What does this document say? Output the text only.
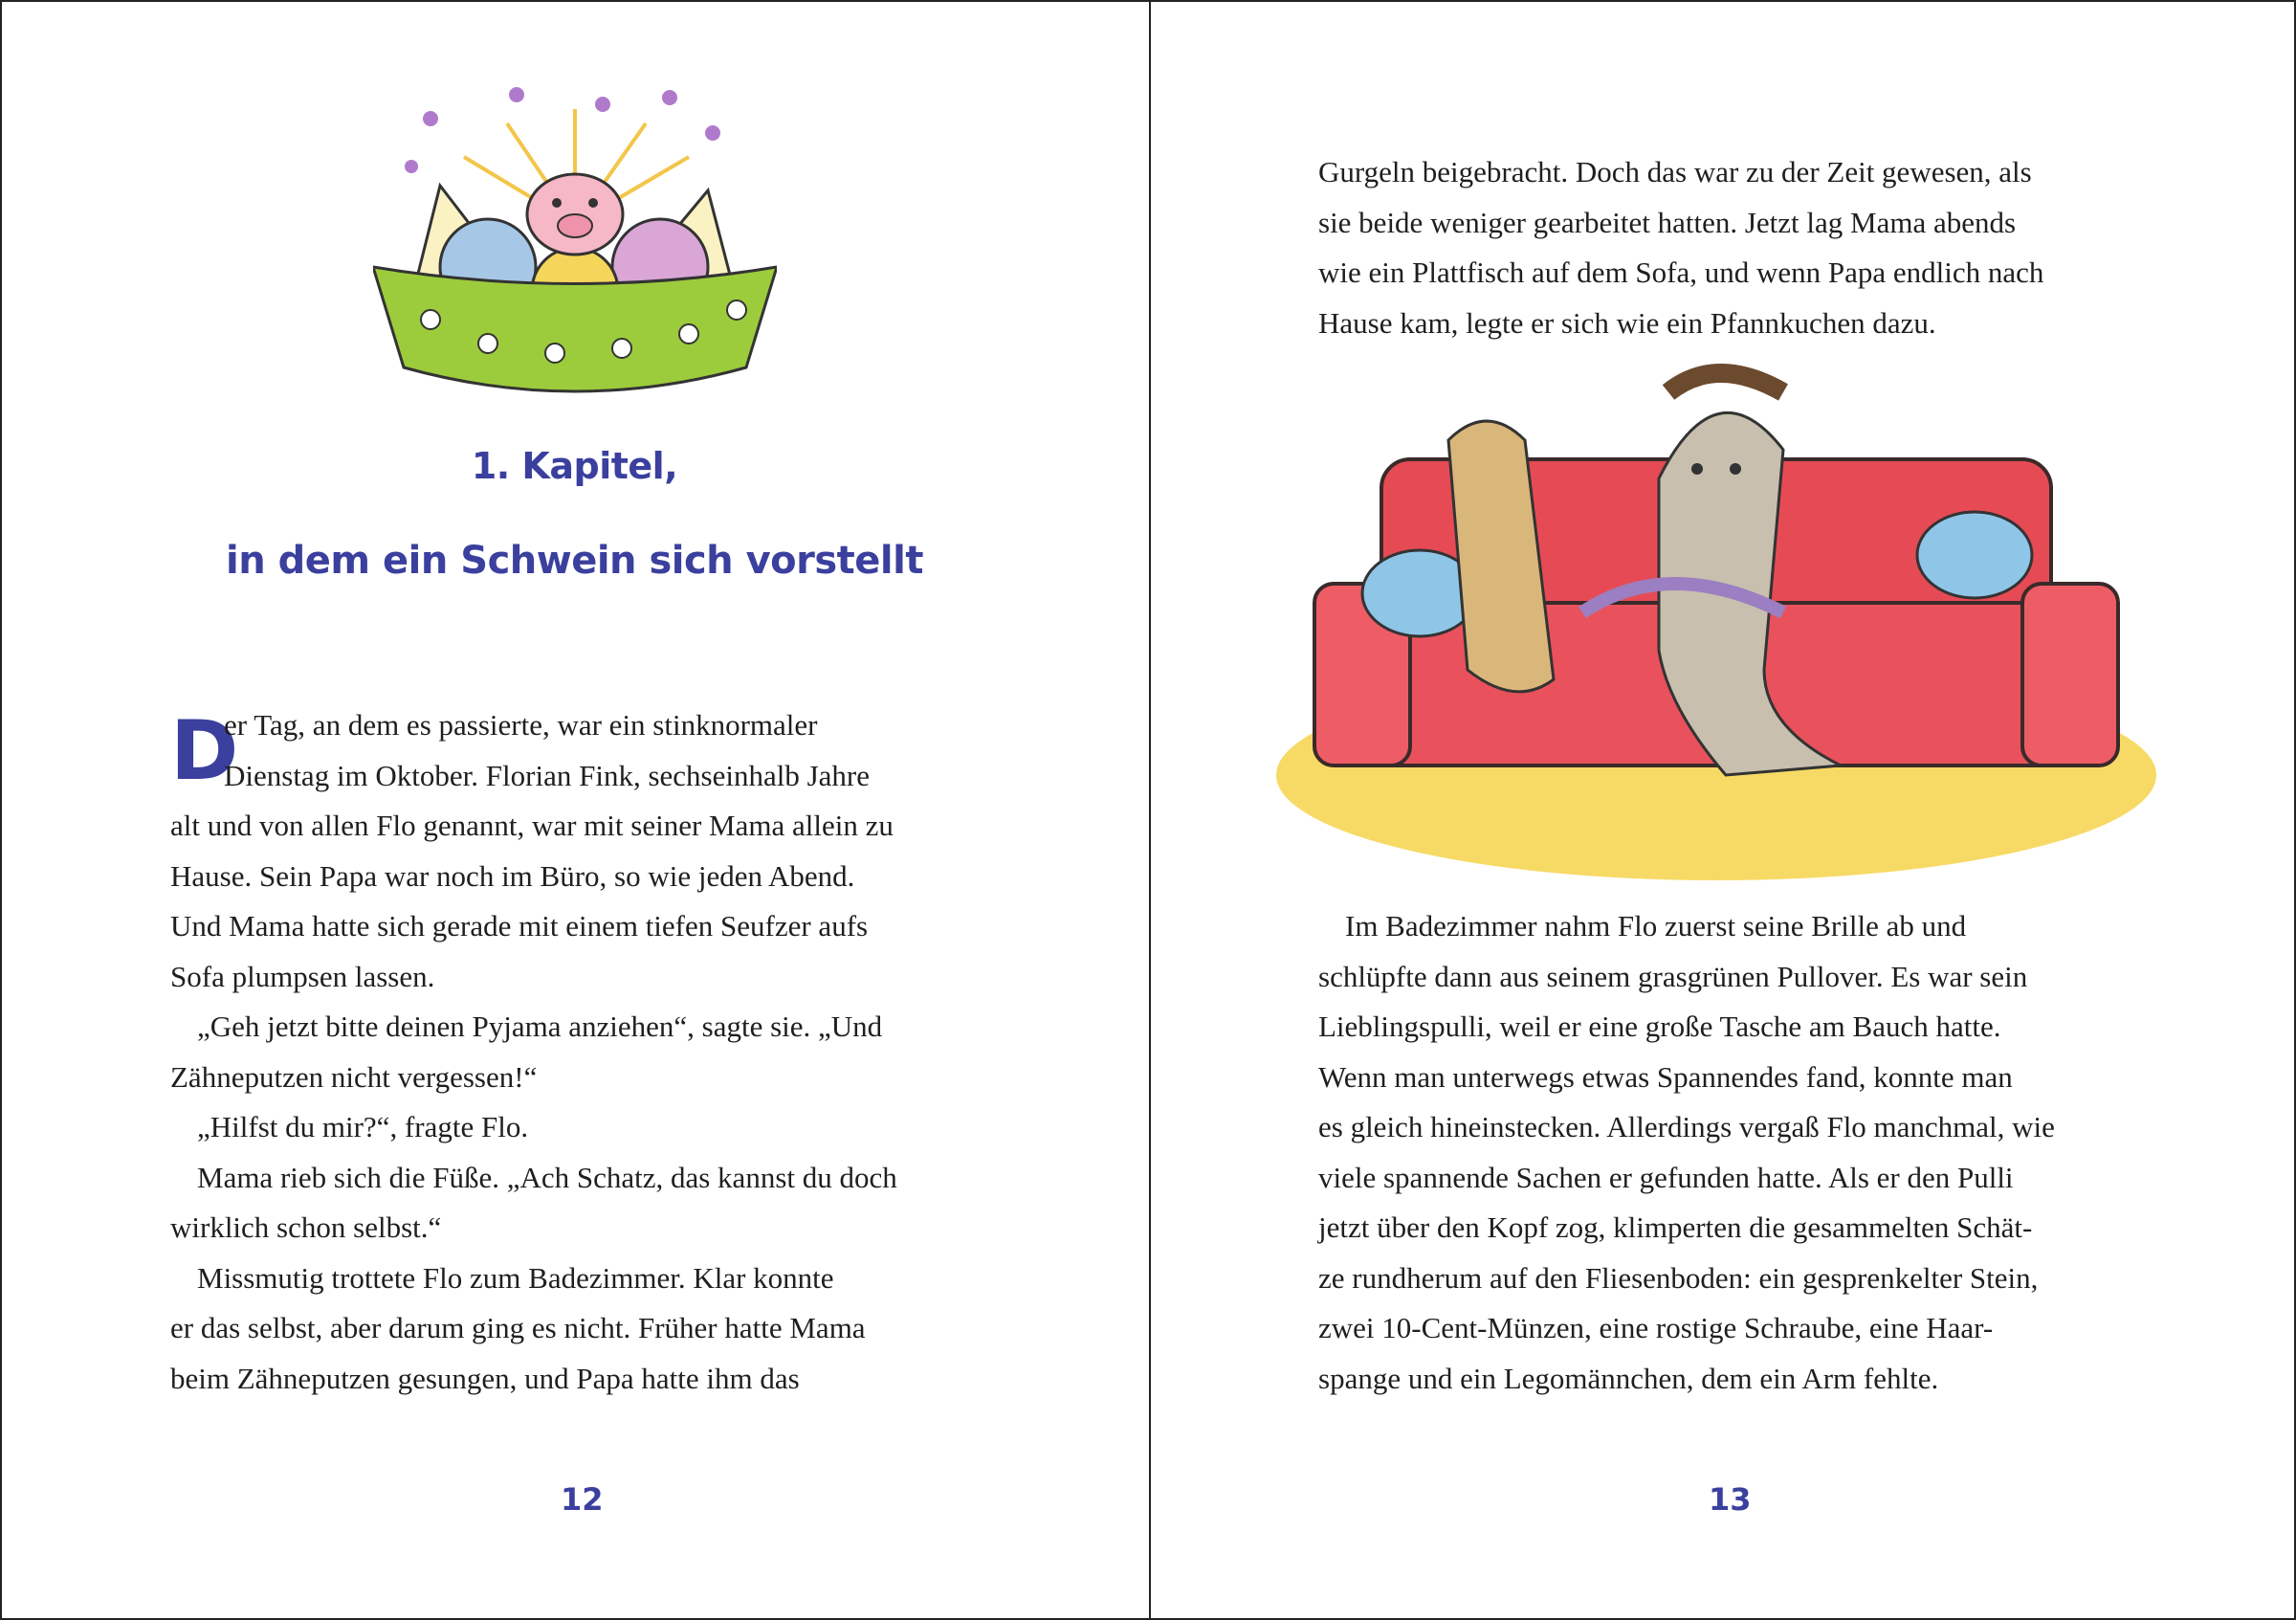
1. Kapitel,
in dem ein Schwein sich vorstellt
D
er Tag, an dem es passierte, war ein stinknormaler
Dienstag im Oktober. Florian Fink, sechseinhalb Jahre
alt und von allen Flo genannt, war mit seiner Mama allein zu
Hause. Sein Papa war noch im Büro, so wie jeden Abend.
Und Mama hatte sich gerade mit einem tiefen Seufzer aufs
Sofa plumpsen lassen.
„Geh jetzt bitte deinen Pyjama anziehen“, sagte sie. „Und
Zähneputzen nicht vergessen!“
„Hilfst du mir?“, fragte Flo.
Mama rieb sich die Füße. „Ach Schatz, das kannst du doch
wirklich schon selbst.“
Missmutig trottete Flo zum Badezimmer. Klar konnte
er das selbst, aber darum ging es nicht. Früher hatte Mama
beim Zähneputzen gesungen, und Papa hatte ihm das
12
Gurgeln beigebracht. Doch das war zu der Zeit gewesen, als
sie beide weniger gearbeitet hatten. Jetzt lag Mama abends
wie ein Plattfisch auf dem Sofa, und wenn Papa endlich nach
Hause kam, legte er sich wie ein Pfannkuchen dazu.
Im Badezimmer nahm Flo zuerst seine Brille ab und
schlüpfte dann aus seinem grasgrünen Pullover. Es war sein
Lieblingspulli, weil er eine große Tasche am Bauch hatte.
Wenn man unterwegs etwas Spannendes fand, konnte man
es gleich hineinstecken. Allerdings vergaß Flo manchmal, wie
viele spannende Sachen er gefunden hatte. Als er den Pulli
jetzt über den Kopf zog, klimperten die gesammelten Schät-
ze rundherum auf den Fliesenboden: ein gesprenkelter Stein,
zwei 10-Cent-Münzen, eine rostige Schraube, eine Haar-
spange und ein Legomännchen, dem ein Arm fehlte.
13
